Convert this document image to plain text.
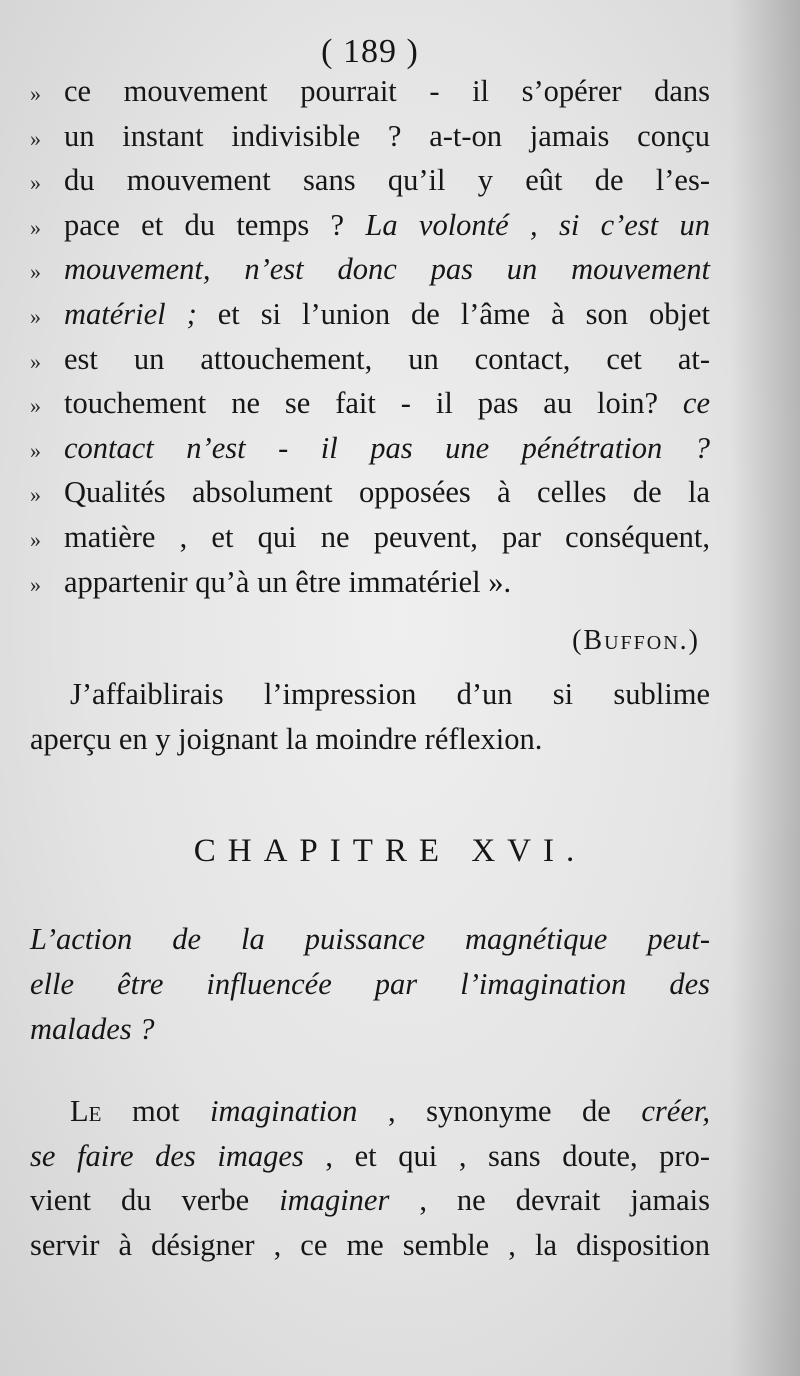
( 189 )
» ce mouvement pourrait - il s’opérer dans
» un instant indivisible ? a-t-on jamais conçu
» du mouvement sans qu’il y eût de l’es-
» pace et du temps ? La volonté , si c’est un
» mouvement, n’est donc pas un mouvement
» matériel ; et si l’union de l’âme à son objet
» est un attouchement, un contact, cet at-
» touchement ne se fait - il pas au loin? ce
» contact n’est - il pas une pénétration ?
» Qualités absolument opposées à celles de la
» matière , et qui ne peuvent, par conséquent,
» appartenir qu’à un être immatériel ».
(Buffon.)
J’affaiblirais l’impression d’un si sublime
aperçu en y joignant la moindre réflexion.
CHAPITRE XVI.
L’action de la puissance magnétique peut-
elle être influencée par l’imagination des
malades ?
Le mot imagination , synonyme de créer,
se faire des images , et qui , sans doute, pro-
vient du verbe imaginer , ne devrait jamais
servir à désigner , ce me semble , la disposition
